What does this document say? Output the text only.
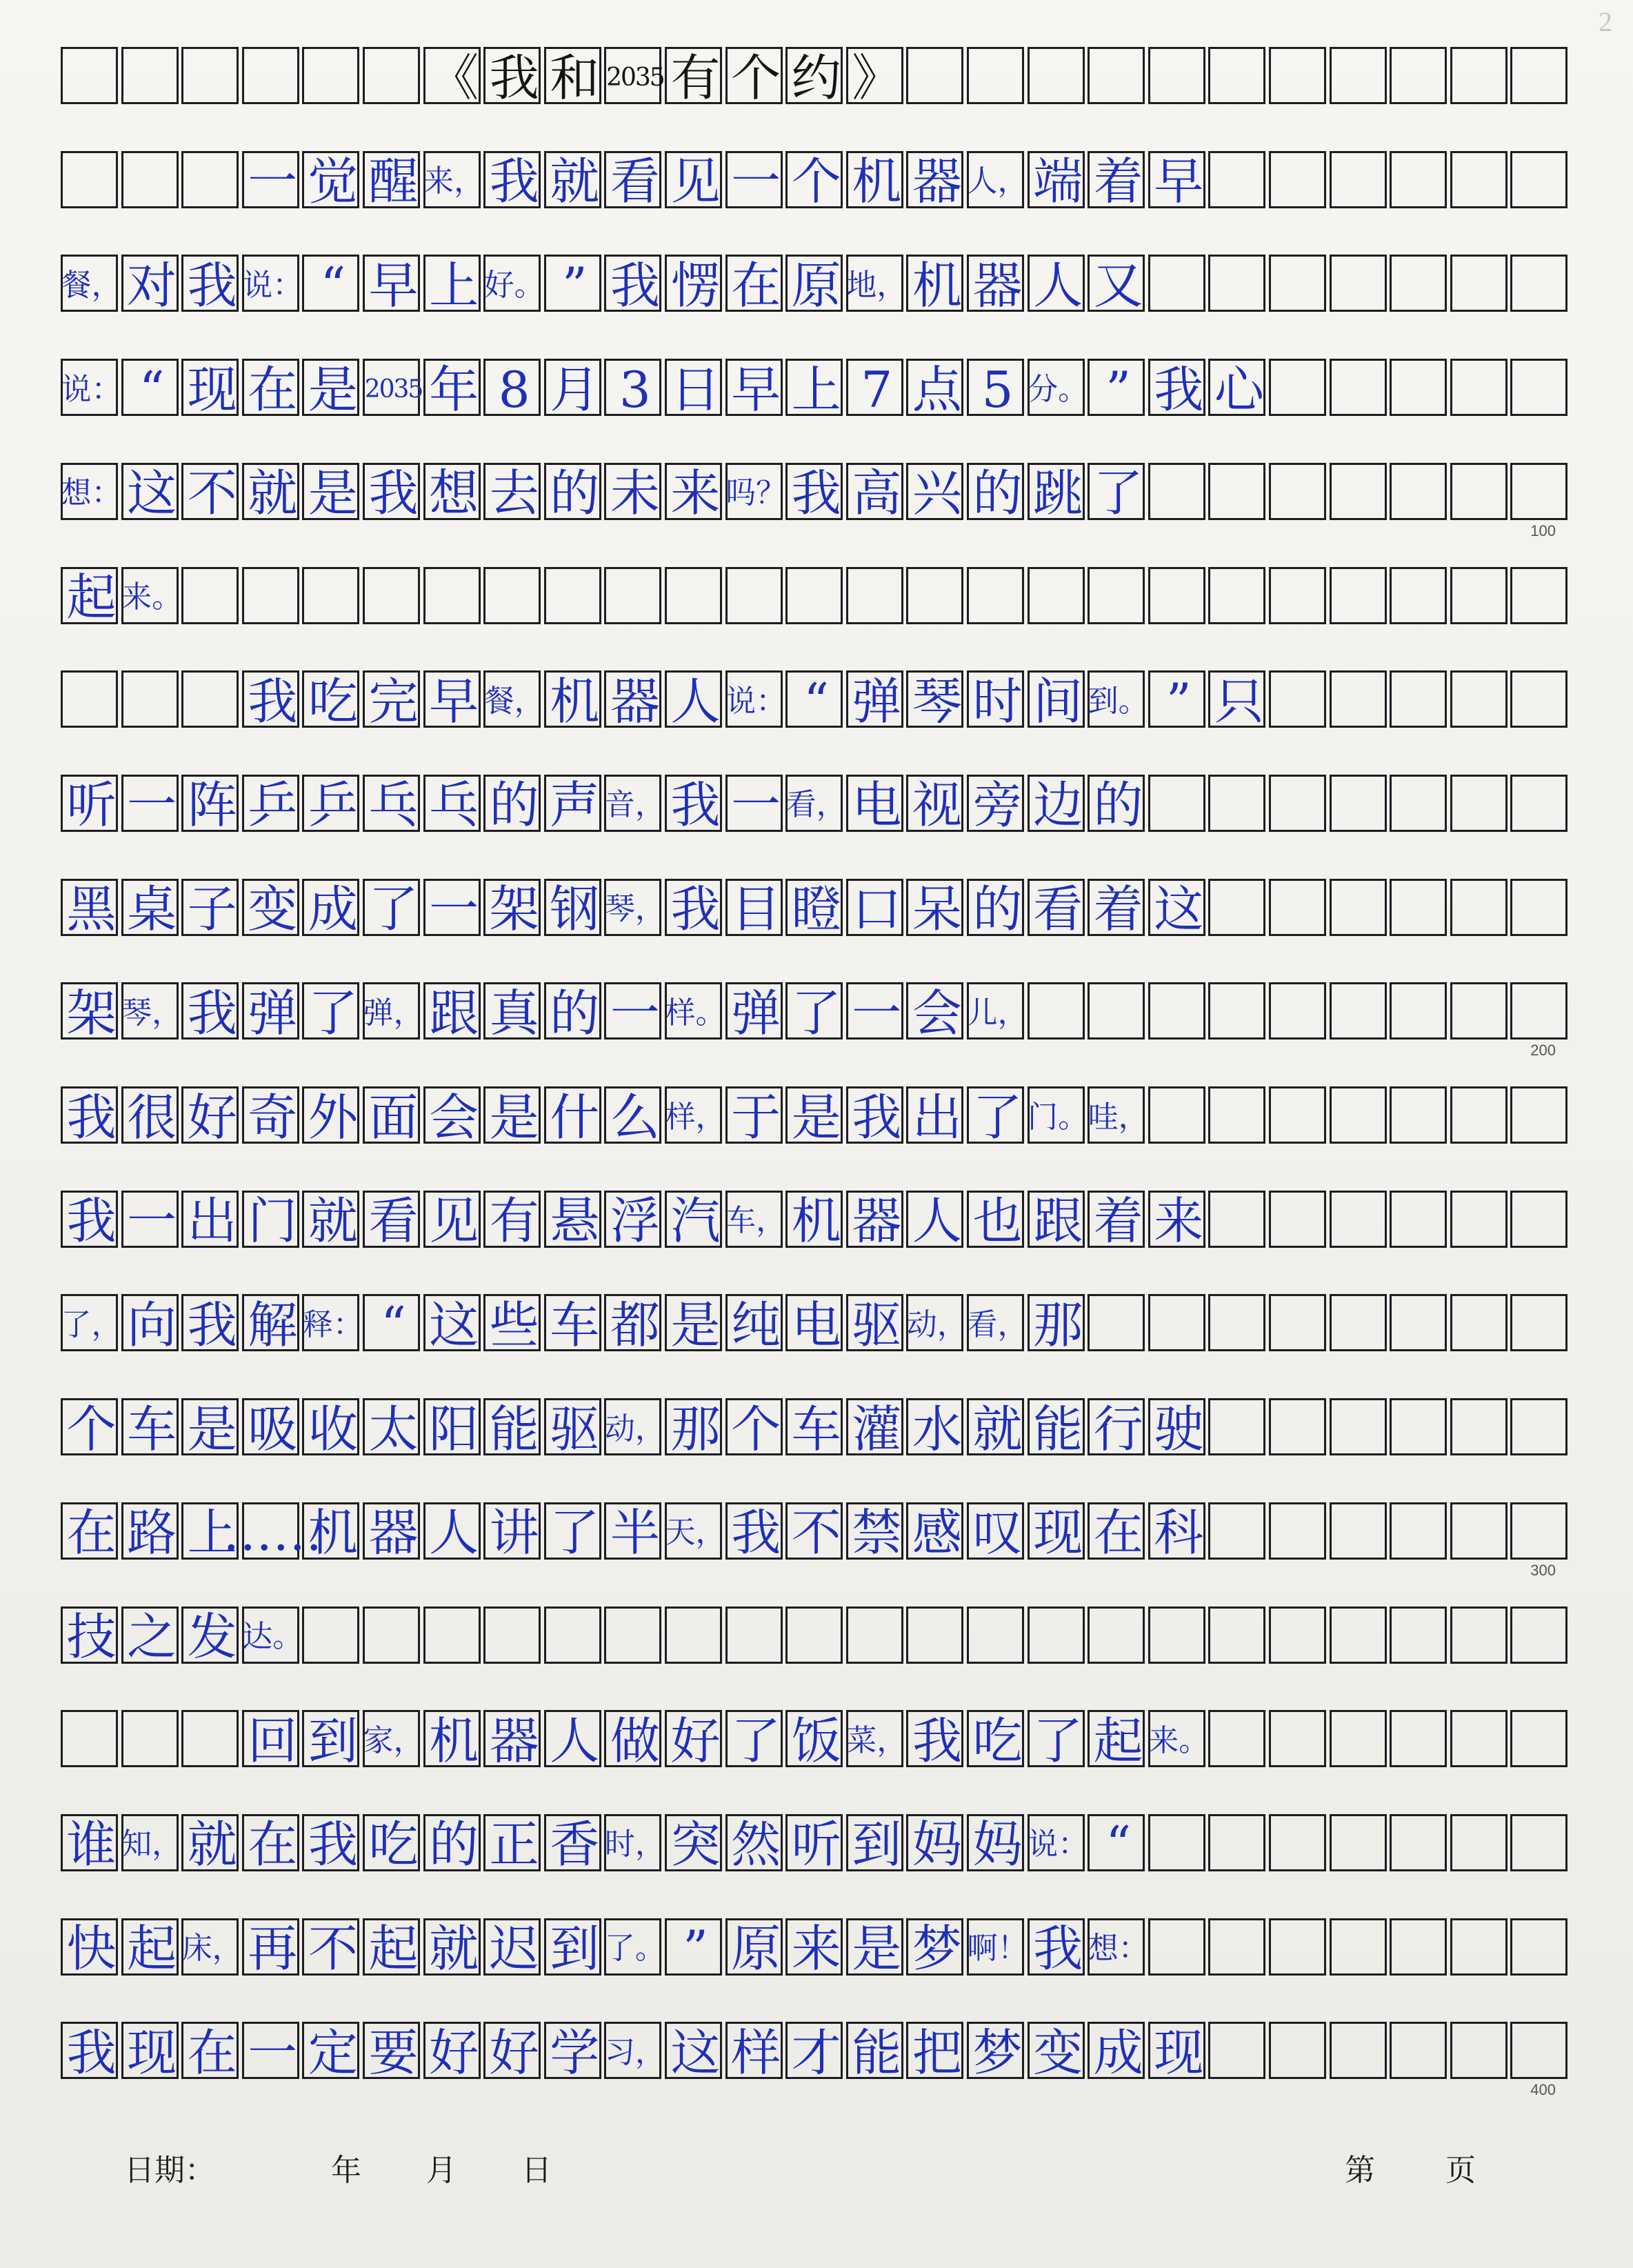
2
《 我 和 2035 有 个 约 》
一 觉 醒 来， 我 就 看 见 一 个 机 器 人， 端 着 早
餐， 对 我 说： “ 早 上 好。 ” 我 愣 在 原 地， 机 器 人 又
说： “ 现 在 是 2035 年 8 月 3 日 早 上 7 点 5 分。 ” 我 心
想： 这 不 就 是 我 想 去 的 未 来 吗？ 我 高 兴 的 跳 了
100
起 来。
我 吃 完 早 餐， 机 器 人 说： “ 弹 琴 时 间 到。 ” 只
听 一 阵 乒 乒 乓 乓 的 声 音， 我 一 看， 电 视 旁 边 的
黑 桌 子 变 成 了 一 架 钢 琴， 我 目 瞪 口 呆 的 看 着 这
架 琴， 我 弹 了 弹， 跟 真 的 一 样。 弹 了 一 会 儿，
200
我 很 好 奇 外 面 会 是 什 么 样， 于 是 我 出 了 门。 哇，
我 一 出 门 就 看 见 有 悬 浮 汽 车， 机 器 人 也 跟 着 来
了， 向 我 解 释： “ 这 些 车 都 是 纯 电 驱 动， 看， 那
个 车 是 吸 收 太 阳 能 驱 动， 那 个 车 灌 水 就 能 行 驶
在 路 上
……
机 器 人 讲 了 半 天， 我 不 禁 感 叹 现 在 科
300
技 之 发 达。
回 到 家， 机 器 人 做 好 了 饭 菜， 我 吃 了 起 来。
谁 知， 就 在 我 吃 的 正 香 时， 突 然 听 到 妈 妈 说： “
快 起 床， 再 不 起 就 迟 到 了。 ” 原 来 是 梦 啊！ 我 想：
我 现 在 一 定 要 好 好 学 习， 这 样 才 能 把 梦 变 成 现
400
日期：	年 月 日	第 页
